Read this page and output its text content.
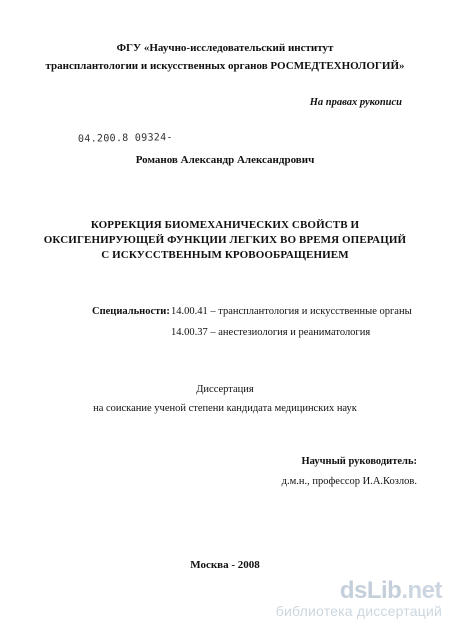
ФГУ «Научно-исследовательский институт
трансплантологии и искусственных органов РОСМЕДТЕХНОЛОГИЙ»
На правах рукописи
04.200.8 09324-
Романов Александр Александрович
КОРРЕКЦИЯ БИОМЕХАНИЧЕСКИХ СВОЙСТВ И
ОКСИГЕНИРУЮЩЕЙ ФУНКЦИИ ЛЕГКИХ ВО ВРЕМЯ ОПЕРАЦИЙ
С ИСКУССТВЕННЫМ КРОВООБРАЩЕНИЕМ
Специальности: 14.00.41 – трансплантология и искусственные органы
14.00.37 – анестезиология и реаниматология
Диссертация
на соискание ученой степени кандидата медицинских наук
Научный руководитель:
д.м.н., профессор И.А.Козлов.
Москва - 2008
dsLib.net
библиотека диссертаций
